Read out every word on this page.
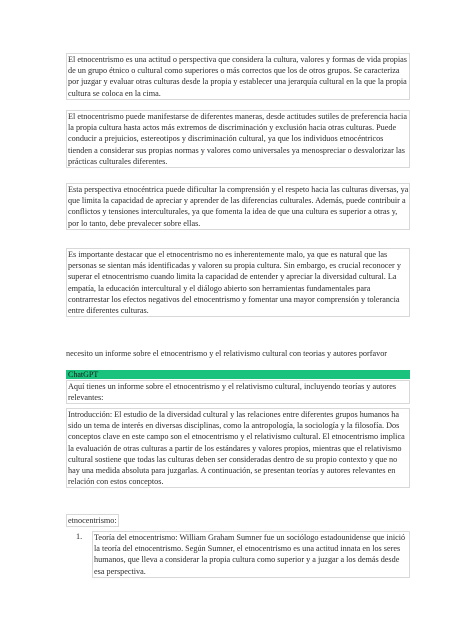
El etnocentrismo es una actitud o perspectiva que considera la cultura, valores y formas de vida propias de un grupo étnico o cultural como superiores o más correctos que los de otros grupos. Se caracteriza por juzgar y evaluar otras culturas desde la propia y establecer una jerarquía cultural en la que la propia cultura se coloca en la cima.

El etnocentrismo puede manifestarse de diferentes maneras, desde actitudes sutiles de preferencia hacia la propia cultura hasta actos más extremos de discriminación y exclusión hacia otras culturas. Puede conducir a prejuicios, estereotipos y discriminación cultural, ya que los individuos etnocéntricos tienden a considerar sus propias normas y valores como universales ya menospreciar o desvalorizar las prácticas culturales diferentes.

Esta perspectiva etnocéntrica puede dificultar la comprensión y el respeto hacia las culturas diversas, ya que limita la capacidad de apreciar y aprender de las diferencias culturales. Además, puede contribuir a conflictos y tensiones interculturales, ya que fomenta la idea de que una cultura es superior a otras y, por lo tanto, debe prevalecer sobre ellas.

Es importante destacar que el etnocentrismo no es inherentemente malo, ya que es natural que las personas se sientan más identificadas y valoren su propia cultura. Sin embargo, es crucial reconocer y superar el etnocentrismo cuando limita la capacidad de entender y apreciar la diversidad cultural. La empatía, la educación intercultural y el diálogo abierto son herramientas fundamentales para contrarrestar los efectos negativos del etnocentrismo y fomentar una mayor comprensión y tolerancia entre diferentes culturas.

necesito un informe sobre el etnocentrismo y el relativismo cultural con teorias y autores porfavor
ChatGPT

Aquí tienes un informe sobre el etnocentrismo y el relativismo cultural, incluyendo teorías y autores relevantes:

Introducción: El estudio de la diversidad cultural y las relaciones entre diferentes grupos humanos ha sido un tema de interés en diversas disciplinas, como la antropología, la sociología y la filosofía. Dos conceptos clave en este campo son el etnocentrismo y el relativismo cultural. El etnocentrismo implica la evaluación de otras culturas a partir de los estándares y valores propios, mientras que el relativismo cultural sostiene que todas las culturas deben ser consideradas dentro de su propio contexto y que no hay una medida absoluta para juzgarlas. A continuación, se presentan teorías y autores relevantes en relación con estos conceptos.

etnocentrismo:
1. Teoría del etnocentrismo: William Graham Sumner fue un sociólogo estadounidense que inició la teoría del etnocentrismo. Según Sumner, el etnocentrismo es una actitud innata en los seres humanos, que lleva a considerar la propia cultura como superior y a juzgar a los demás desde esa perspectiva.
